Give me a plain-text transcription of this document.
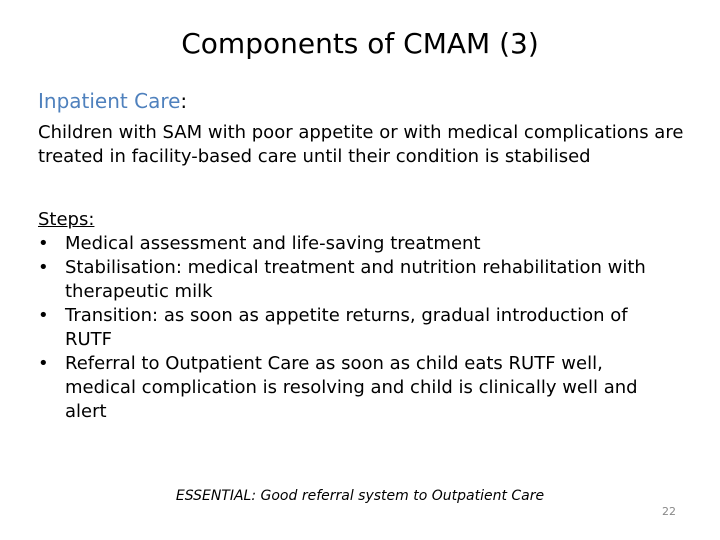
Components of CMAM (3)
Inpatient Care:
Children with SAM with poor appetite or with medical complications are treated in facility-based care until their condition is stabilised
Steps:
• Medical assessment and life-saving treatment
• Stabilisation: medical treatment and nutrition rehabilitation with therapeutic milk
• Transition: as soon as appetite returns, gradual introduction of RUTF
• Referral to Outpatient Care as soon as child eats RUTF well, medical complication is resolving and child is clinically well and alert
ESSENTIAL: Good referral system to Outpatient Care
22
